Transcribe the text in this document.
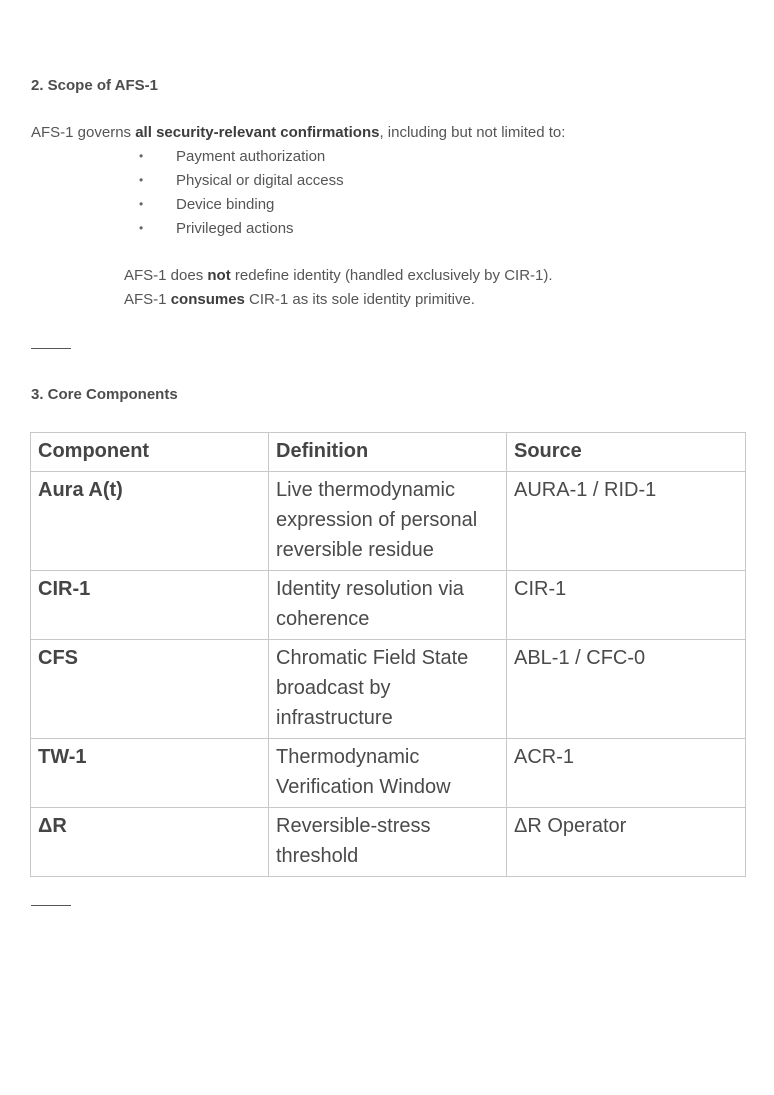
2. Scope of AFS-1

AFS-1 governs all security-relevant confirmations, including but not limited to:

• Payment authorization
• Physical or digital access
• Device binding
• Privileged actions

AFS-1 does not redefine identity (handled exclusively by CIR-1).

AFS-1 consumes CIR-1 as its sole identity primitive.

3. Core Components
Component	Definition	Source
Aura A(t)	Live thermodynamic expression of personal reversible residue	AURA-1 / RID-1
CIR-1	Identity resolution via coherence	CIR-1
CFS	Chromatic Field State broadcast by infrastructure	ABL-1 / CFC-0
TW-1	Thermodynamic Verification Window	ACR-1
ΔR	Reversible-stress threshold	ΔR Operator
